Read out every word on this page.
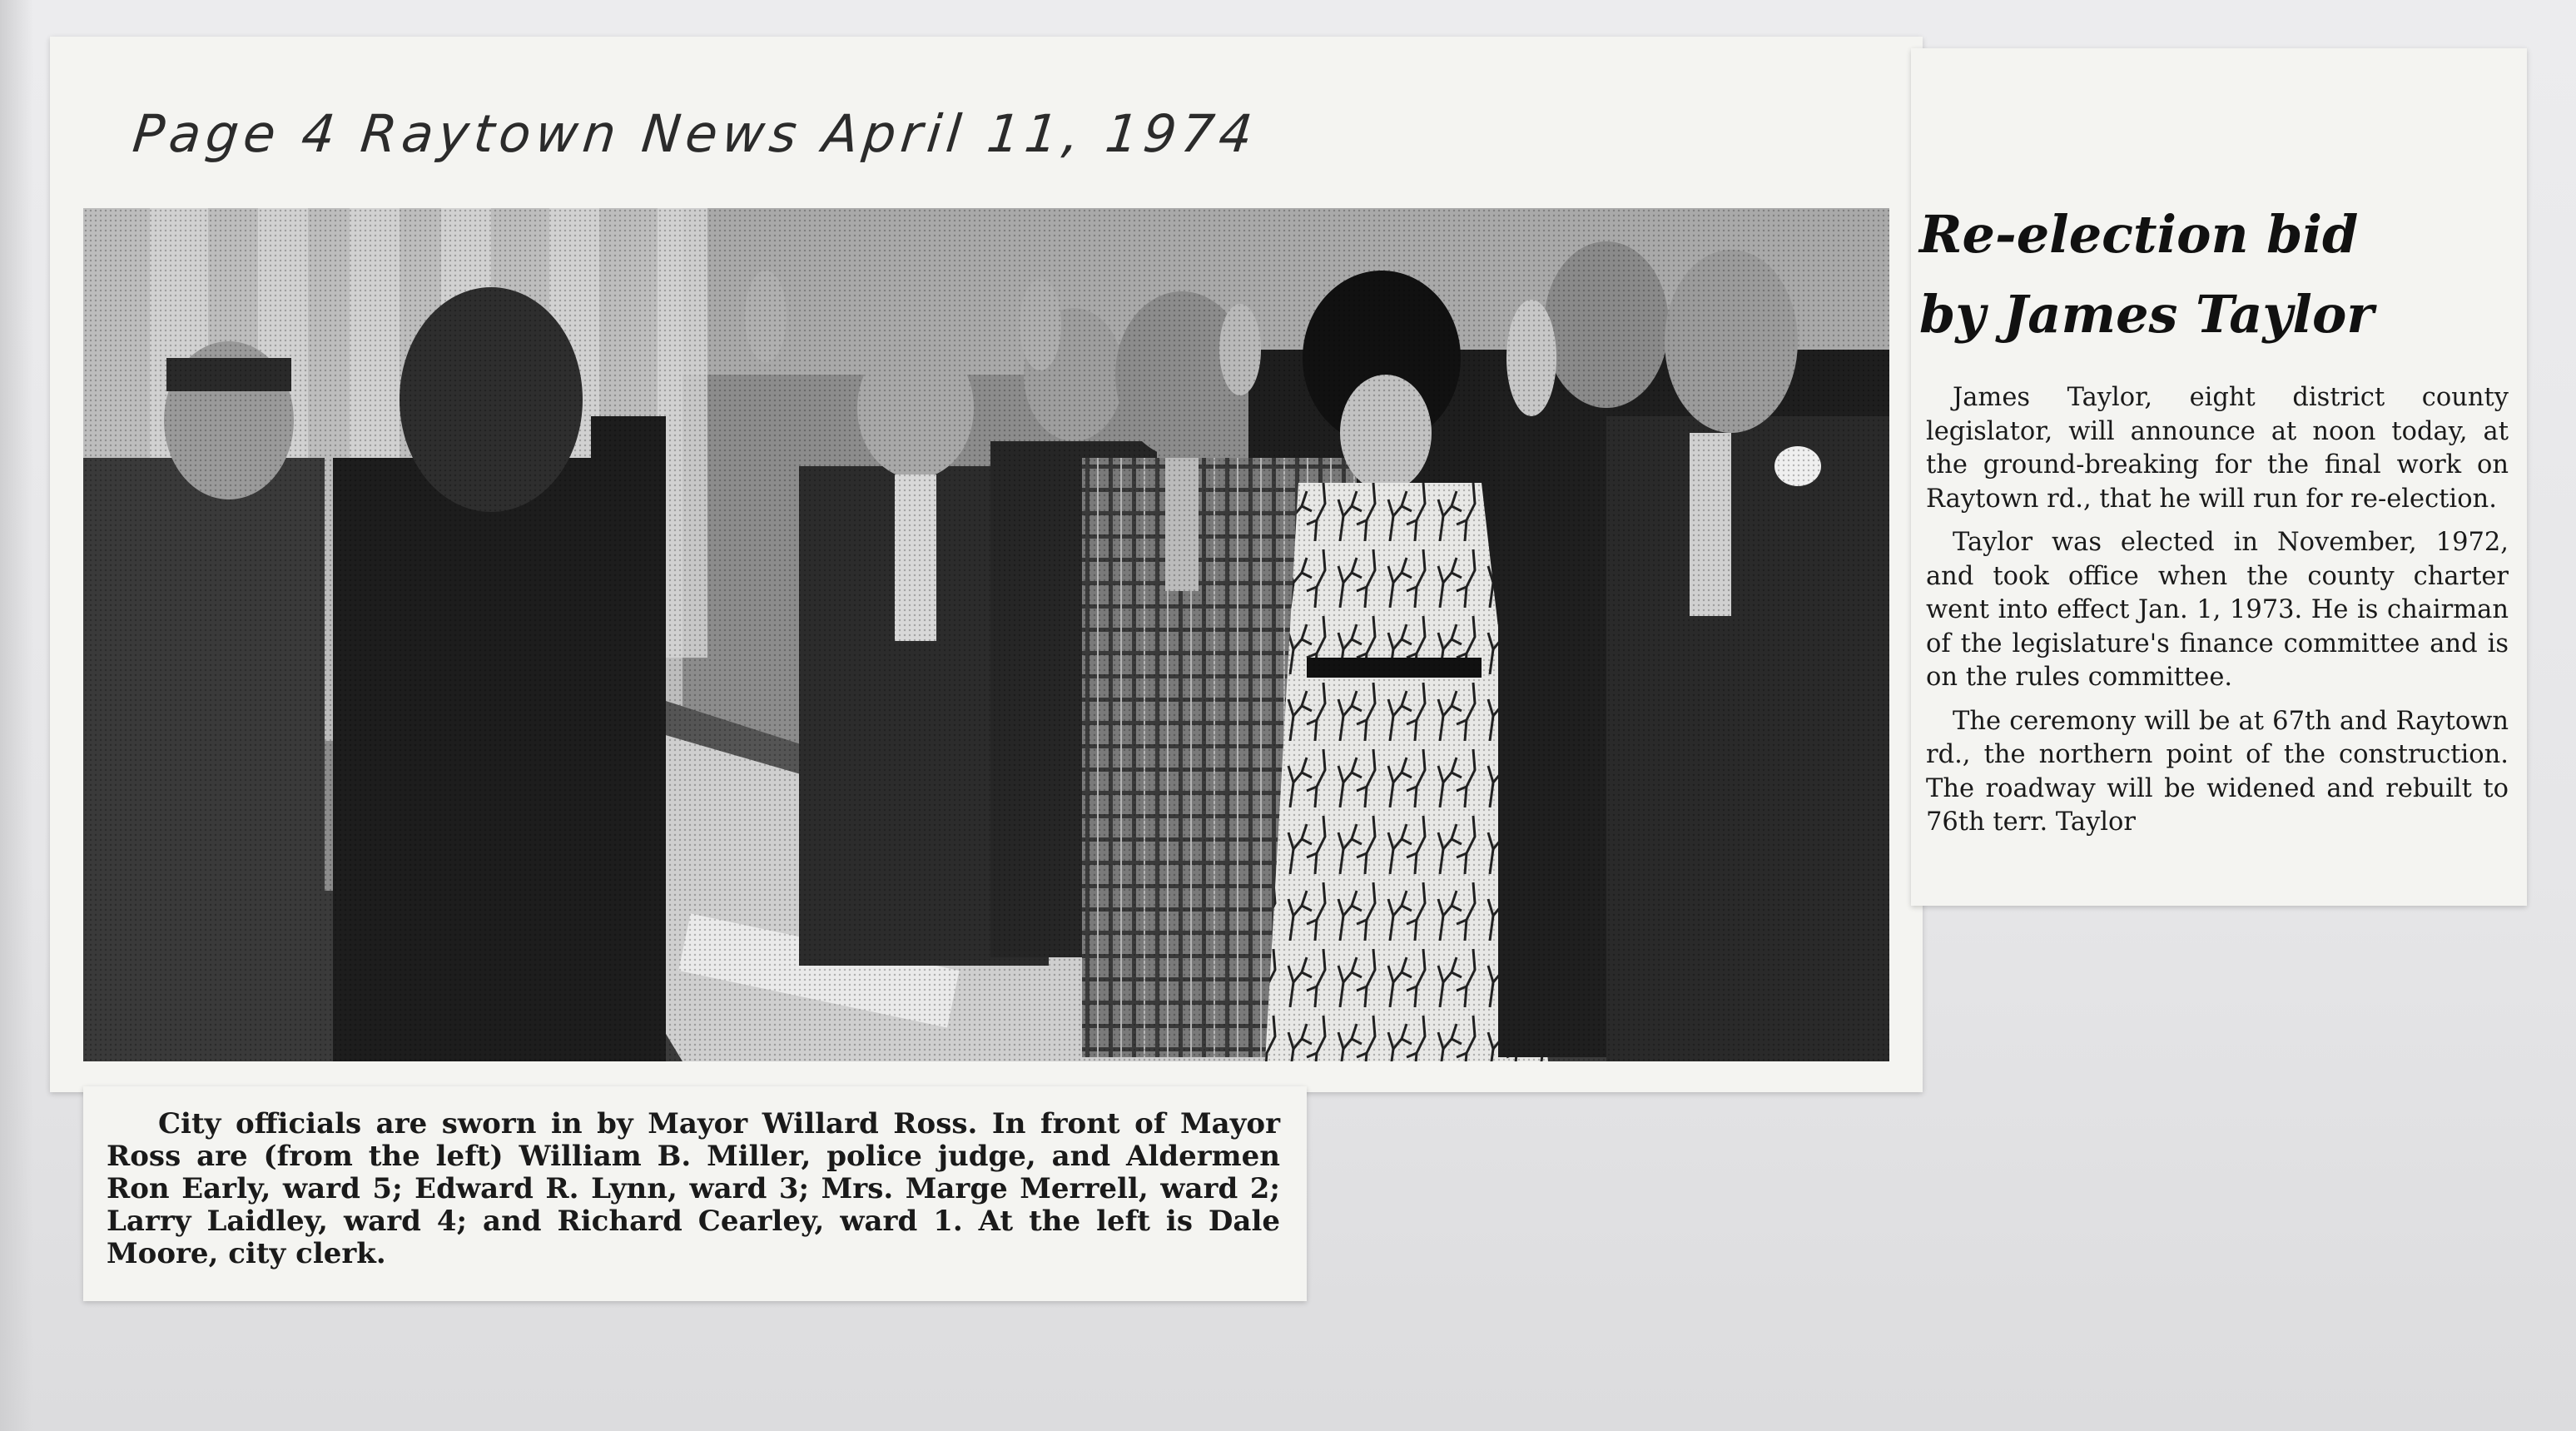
Page 4 Raytown News April 11, 1974
City officials are sworn in by Mayor Willard Ross. In front of Mayor Ross are (from the left) William B. Miller, police judge, and Aldermen Ron Early, ward 5; Edward R. Lynn, ward 3; Mrs. Marge Merrell, ward 2; Larry Laidley, ward 4; and Richard Cearley, ward 1. At the left is Dale Moore, city clerk.
Re-election bid
by James Taylor

James Taylor, eight district county legislator, will announce at noon today, at the ground-breaking for the final work on Raytown rd., that he will run for re-election.

Taylor was elected in November, 1972, and took office when the county charter went into effect Jan. 1, 1973. He is chairman of the legislature's finance committee and is on the rules committee.

The ceremony will be at 67th and Raytown rd., the northern point of the construction. The roadway will be widened and rebuilt to 76th terr. Taylor
